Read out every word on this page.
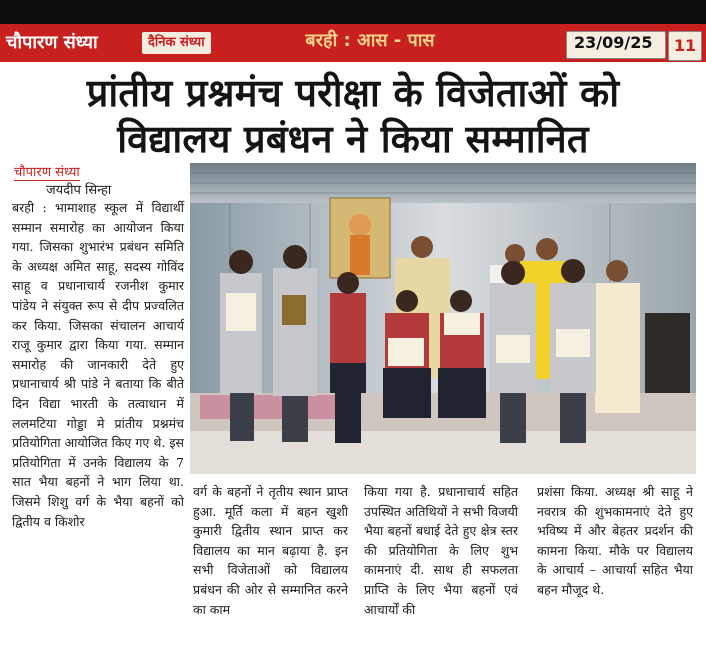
चौपारण संध्या	दैनिक संध्या	बरही : आस - पास	23/09/25	11
प्रांतीय प्रश्नमंच परीक्षा के विजेताओं को
विद्यालय प्रबंधन ने किया सम्मानित
चौपारण संध्या
जयदीप सिन्हा
बरही : भामाशाह स्कूल में विद्यार्थी सम्मान समारोह का आयोजन किया गया. जिसका शुभारंभ प्रबंधन समिति के अध्यक्ष अमित साहू, सदस्य गोविंद साहू व प्रधानाचार्य रजनीश कुमार पांडेय ने संयुक्त रूप से दीप प्रज्वलित कर किया. जिसका संचालन आचार्य राजू कुमार द्वारा किया गया. सम्मान समारोह की जानकारी देते हुए प्रधानाचार्य श्री पांडे ने बताया कि बीते दिन विद्या भारती के तत्वाधान में ललमटिया गोड्डा मे प्रांतीय प्रश्नमंच प्रतियोगिता आयोजित किए गए थे. इस प्रतियोगिता में उनके विद्यालय के 7 सात भैया बहनों ने भाग लिया था. जिसमे शिशु वर्ग के भैया बहनों को द्वितीय व किशोर
वर्ग के बहनों ने तृतीय स्थान प्राप्त हुआ. मूर्ति कला में बहन खुशी कुमारी द्वितीय स्थान प्राप्त कर विद्यालय का मान बढ़ाया है. इन सभी विजेताओं को विद्यालय प्रबंधन की ओर से सम्मानित करने का काम
किया गया है. प्रधानाचार्य सहित उपस्थित अतिथियों ने सभी विजयी भैया बहनों बधाई देते हुए क्षेत्र स्तर की प्रतियोगिता के लिए शुभ कामनाएं दी. साथ ही सफलता प्राप्ति के लिए भैया बहनों एवं आचार्यों की
प्रशंसा किया. अध्यक्ष श्री साहू ने नवरात्र की शुभकामनाएं देते हुए भविष्य में और बेहतर प्रदर्शन की कामना किया. मौके पर विद्यालय के आचार्य – आचार्या सहित भैया बहन मौजूद थे.
